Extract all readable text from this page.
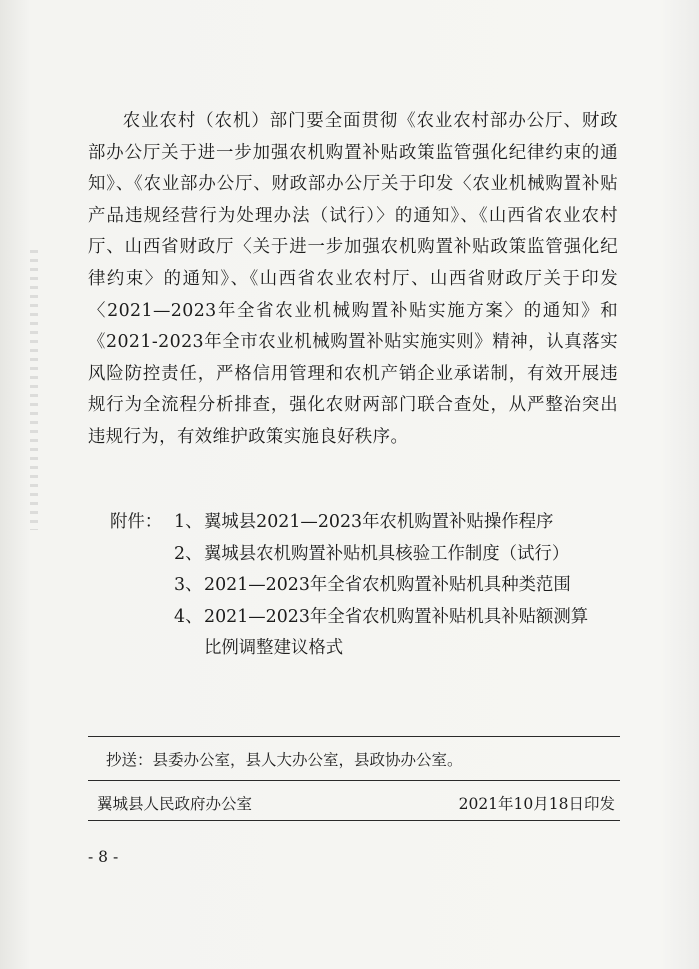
农业农村（农机）部门要全面贯彻《农业农村部办公厅、财政部办公厅关于进一步加强农机购置补贴政策监管强化纪律约束的通知》、《农业部办公厅、财政部办公厅关于印发〈农业机械购置补贴产品违规经营行为处理办法（试行）〉的通知》、《山西省农业农村厅、山西省财政厅〈关于进一步加强农机购置补贴政策监管强化纪律约束〉的通知》、《山西省农业农村厅、山西省财政厅关于印发〈2021—2023年全省农业机械购置补贴实施方案〉的通知》和《2021-2023年全市农业机械购置补贴实施实则》精神，认真落实风险防控责任，严格信用管理和农机产销企业承诺制，有效开展违规行为全流程分析排查，强化农财两部门联合查处，从严整治突出违规行为，有效维护政策实施良好秩序。

附件： 1、 翼城县2021—2023年农机购置补贴操作程序
2、 翼城县农机购置补贴机具核验工作制度（试行）
3、 2021—2023年全省农机购置补贴机具种类范围
4、 2021—2023年全省农机购置补贴机具补贴额测算
比例调整建议格式
抄送：县委办公室，县人大办公室，县政协办公室。
翼城县人民政府办公室	2021年10月18日印发
- 8 -
